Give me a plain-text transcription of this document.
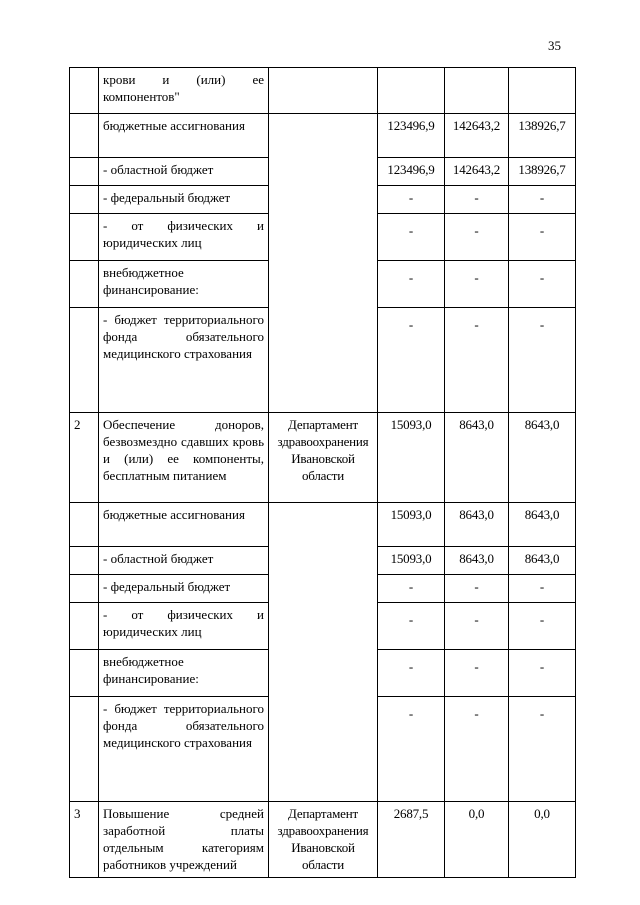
35
	крови и (или) ее компонентов"				
	бюджетные ассигнования		123496,9	142643,2	138926,7
	- областной бюджет		123496,9	142643,2	138926,7
	- федеральный бюджет		-	-	-
	- от физических и юридических лиц		-	-	-
	внебюджетное финансирование:		-	-	-
	- бюджет территориального фонда обязательного медицинского страхования		-	-	-
2	Обеспечение доноров, безвозмездно сдавших кровь и (или) ее компоненты, бесплатным питанием	Департамент здравоохранения Ивановской области	15093,0	8643,0	8643,0
	бюджетные ассигнования		15093,0	8643,0	8643,0
	- областной бюджет		15093,0	8643,0	8643,0
	- федеральный бюджет		-	-	-
	- от физических и юридических лиц		-	-	-
	внебюджетное финансирование:		-	-	-
	- бюджет территориального фонда обязательного медицинского страхования		-	-	-
3	Повышение средней заработной платы отдельным категориям работников учреждений	Департамент здравоохранения Ивановской области	2687,5	0,0	0,0
